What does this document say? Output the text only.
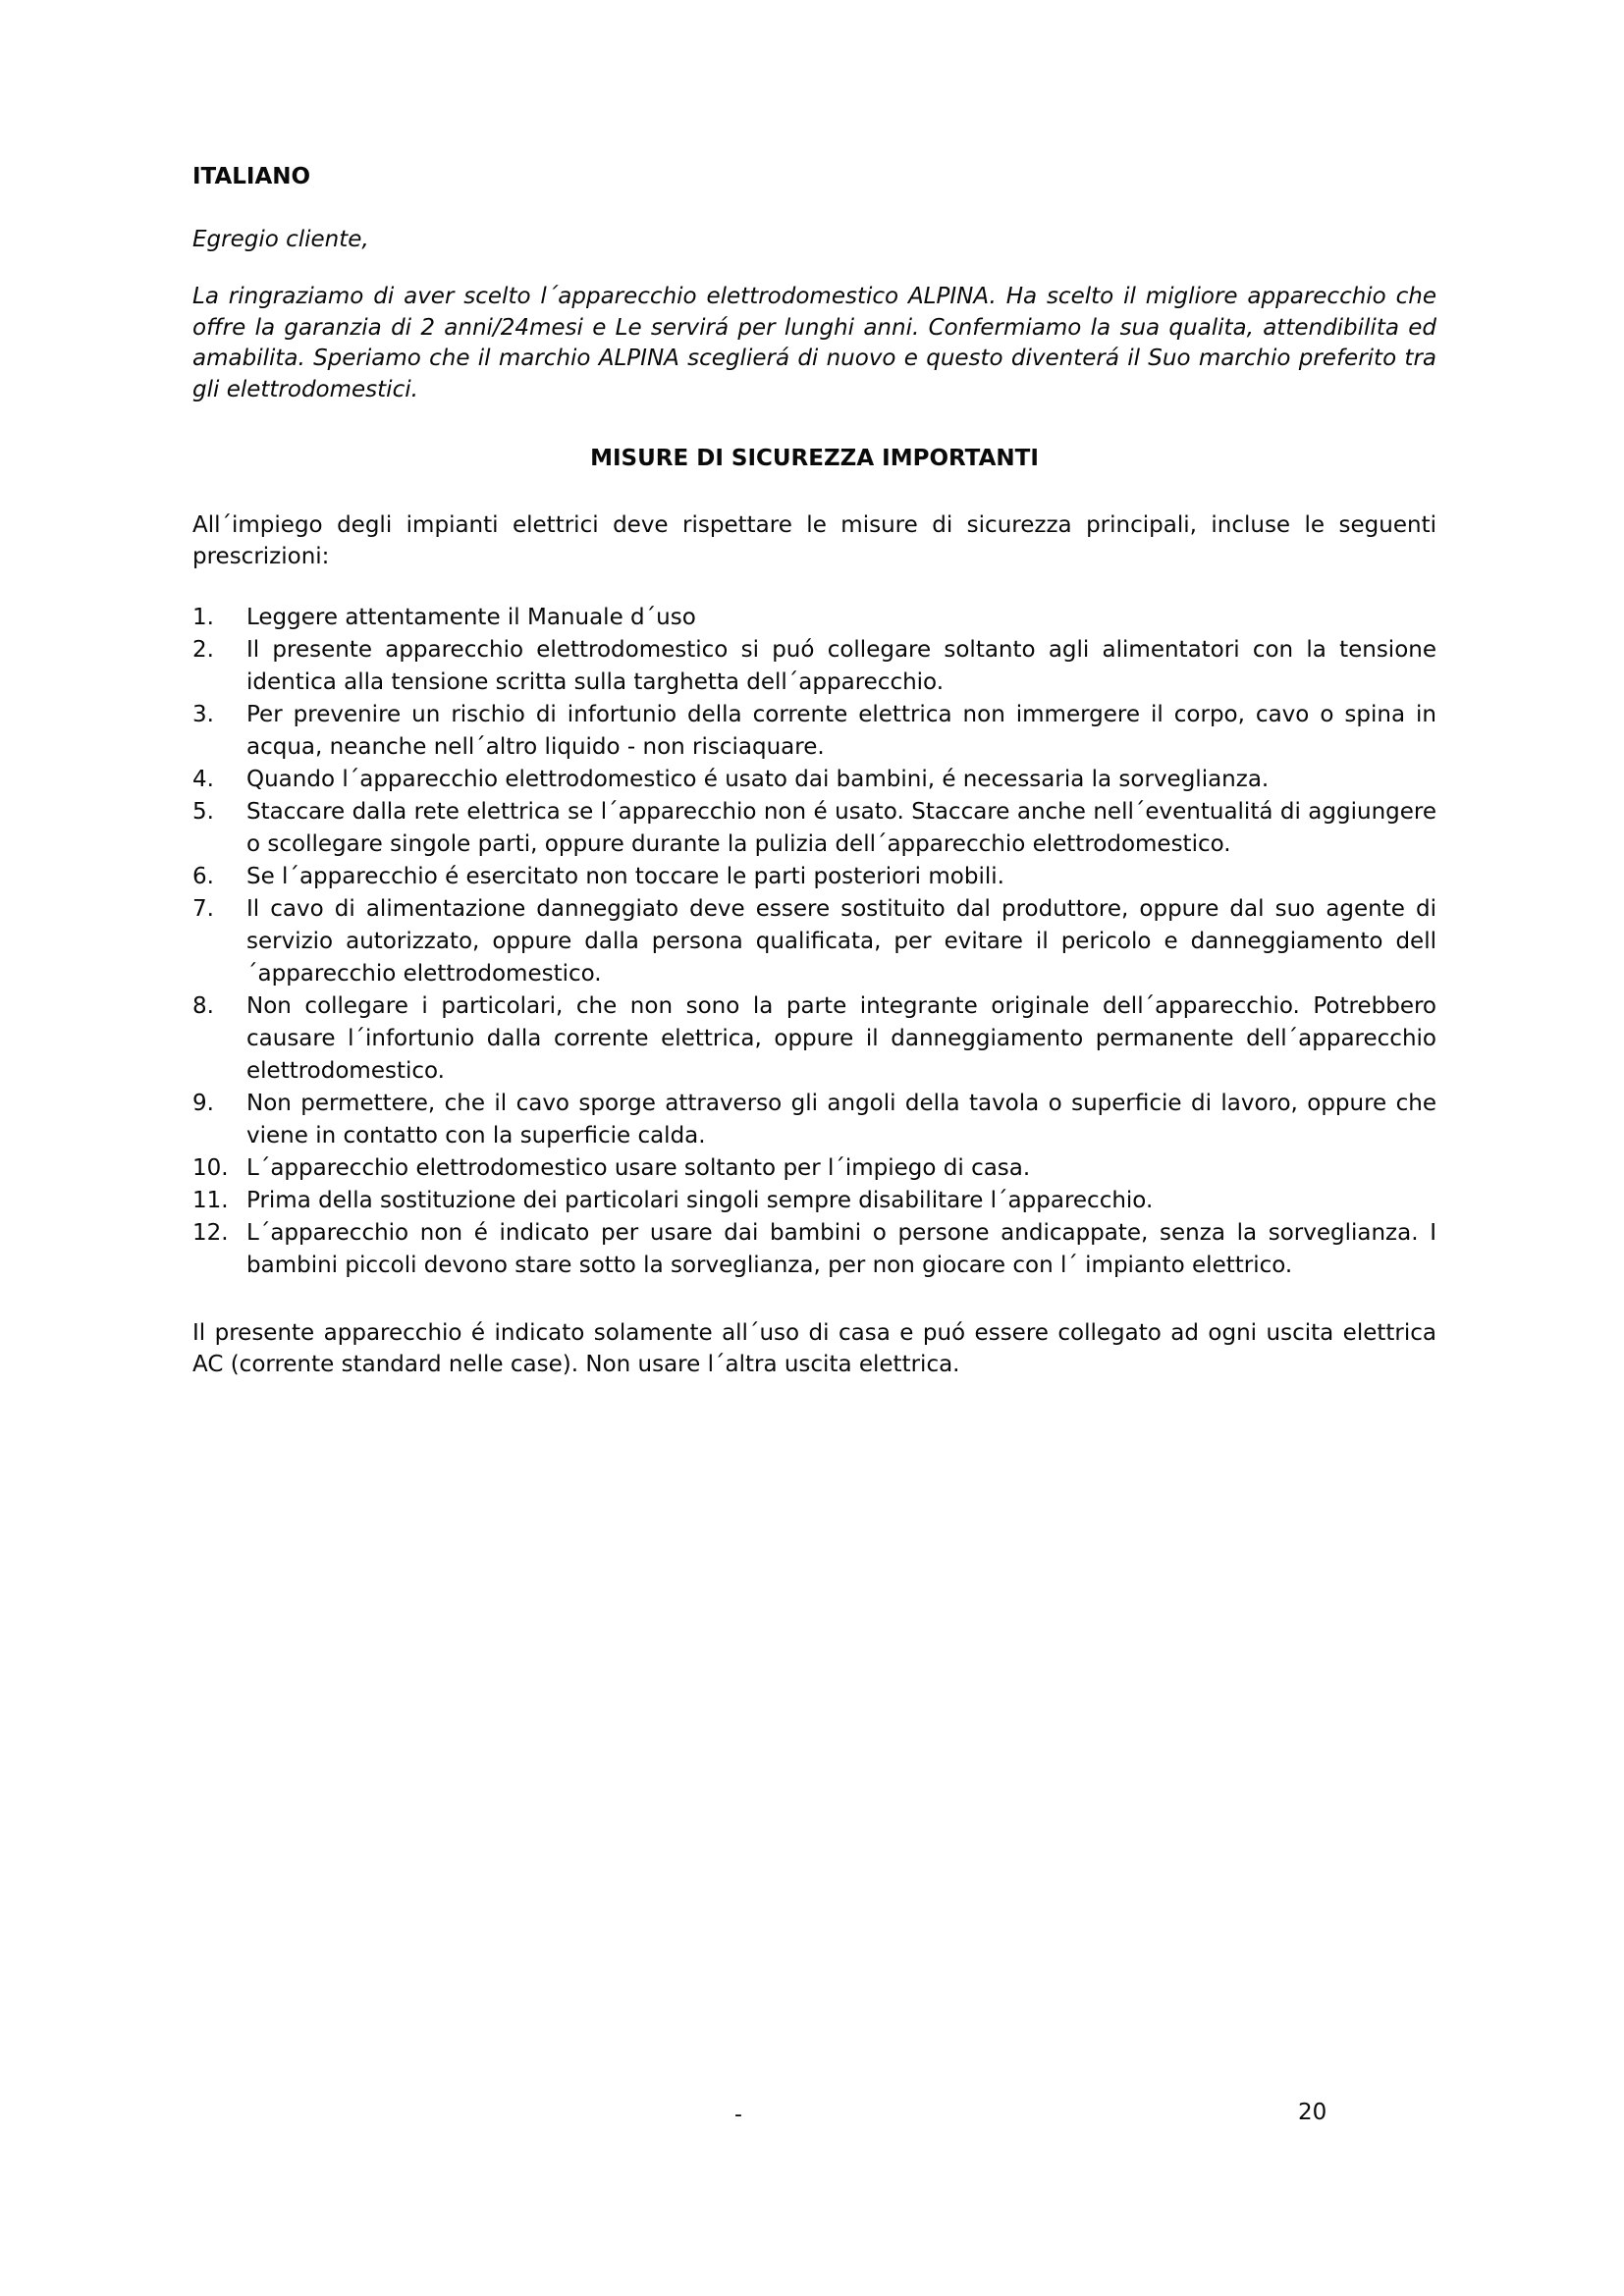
ITALIANO

Egregio cliente,

La ringraziamo di aver scelto l´apparecchio elettrodomestico ALPINA. Ha scelto il migliore apparecchio che offre la garanzia di 2 anni/24mesi e Le servirá per lunghi anni. Confermiamo la sua qualita, attendibilita ed amabilita. Speriamo che il marchio ALPINA sceglierá di nuovo e questo diventerá il Suo marchio preferito tra gli elettrodomestici.

MISURE DI SICUREZZA IMPORTANTI

All´impiego degli impianti elettrici deve rispettare le misure di sicurezza principali, incluse le seguenti prescrizioni:

1.	Leggere attentamente il Manuale d´uso
2.	Il presente apparecchio elettrodomestico si puó collegare soltanto agli alimentatori con la tensione identica alla tensione scritta sulla targhetta dell´apparecchio.
3.	Per prevenire un rischio di infortunio della corrente elettrica non immergere il corpo, cavo o spina in acqua, neanche nell´altro liquido - non risciaquare.
4.	Quando l´apparecchio elettrodomestico é usato dai bambini, é necessaria la sorveglianza.
5.	Staccare dalla rete elettrica se l´apparecchio non é usato. Staccare anche nell´eventualitá di aggiungere o scollegare singole parti, oppure durante la pulizia dell´apparecchio elettrodomestico.
6.	Se l´apparecchio é esercitato non toccare le parti posteriori mobili.
7.	Il cavo di alimentazione danneggiato deve essere sostituito dal produttore, oppure dal suo agente di servizio autorizzato, oppure dalla persona qualificata, per evitare il pericolo e danneggiamento dell´apparecchio elettrodomestico.
8.	Non collegare i particolari, che non sono la parte integrante originale dell´apparecchio. Potrebbero causare l´infortunio dalla corrente elettrica, oppure il danneggiamento permanente dell´apparecchio elettrodomestico.
9.	Non permettere, che il cavo sporge attraverso gli angoli della tavola o superficie di lavoro, oppure che viene in contatto con la superficie calda.
10. L´apparecchio elettrodomestico usare soltanto per l´impiego di casa.
11. Prima della sostituzione dei particolari singoli sempre disabilitare l´apparecchio.
12. L´apparecchio non é indicato per usare dai bambini o persone andicappate, senza la sorveglianza. I bambini piccoli devono stare sotto la sorveglianza, per non giocare con l´ impianto elettrico.

Il presente apparecchio é indicato solamente all´uso di casa e puó essere collegato ad ogni uscita elettrica AC (corrente standard nelle case). Non usare l´altra uscita elettrica.

-	20
